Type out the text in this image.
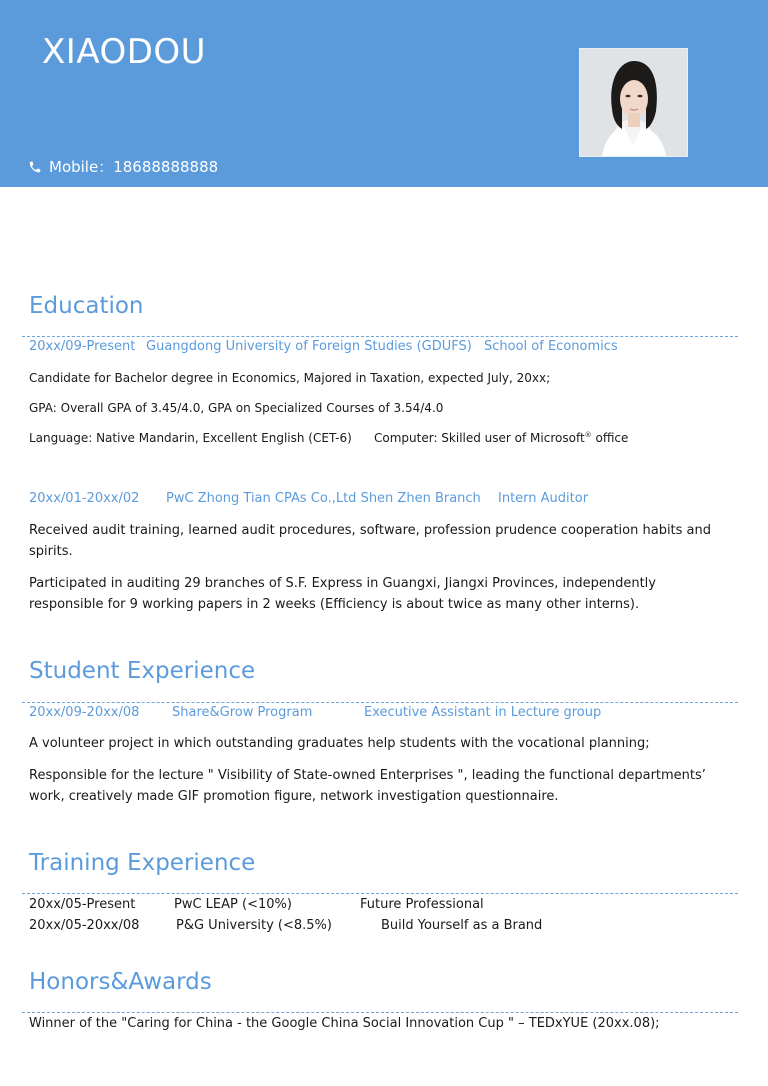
XIAODOU
Mobile：18688888888
Education
20xx/09-Present Guangdong University of Foreign Studies (GDUFS) School of Economics
Candidate for Bachelor degree in Economics, Majored in Taxation, expected July, 20xx;
GPA: Overall GPA of 3.45/4.0, GPA on Specialized Courses of 3.54/4.0
Language: Native Mandarin, Excellent English (CET-6) Computer: Skilled user of Microsoft® office
20xx/01-20xx/02 PwC Zhong Tian CPAs Co.,Ltd Shen Zhen Branch Intern Auditor
Received audit training, learned audit procedures, software, profession prudence cooperation habits and spirits.
Participated in auditing 29 branches of S.F. Express in Guangxi, Jiangxi Provinces, independently responsible for 9 working papers in 2 weeks (Efficiency is about twice as many other interns).
Student Experience
20xx/09-20xx/08	Share&Grow Program	Executive Assistant in Lecture group
A volunteer project in which outstanding graduates help students with the vocational planning;
Responsible for the lecture " Visibility of State-owned Enterprises ", leading the functional departments’ work, creatively made GIF promotion figure, network investigation questionnaire.
Training Experience
20xx/05-Present	PwC LEAP (<10%)	Future Professional
20xx/05-20xx/08	P&G University (<8.5%)	Build Yourself as a Brand
Honors&Awards
Winner of the "Caring for China - the Google China Social Innovation Cup " – TEDxYUE (20xx.08);
